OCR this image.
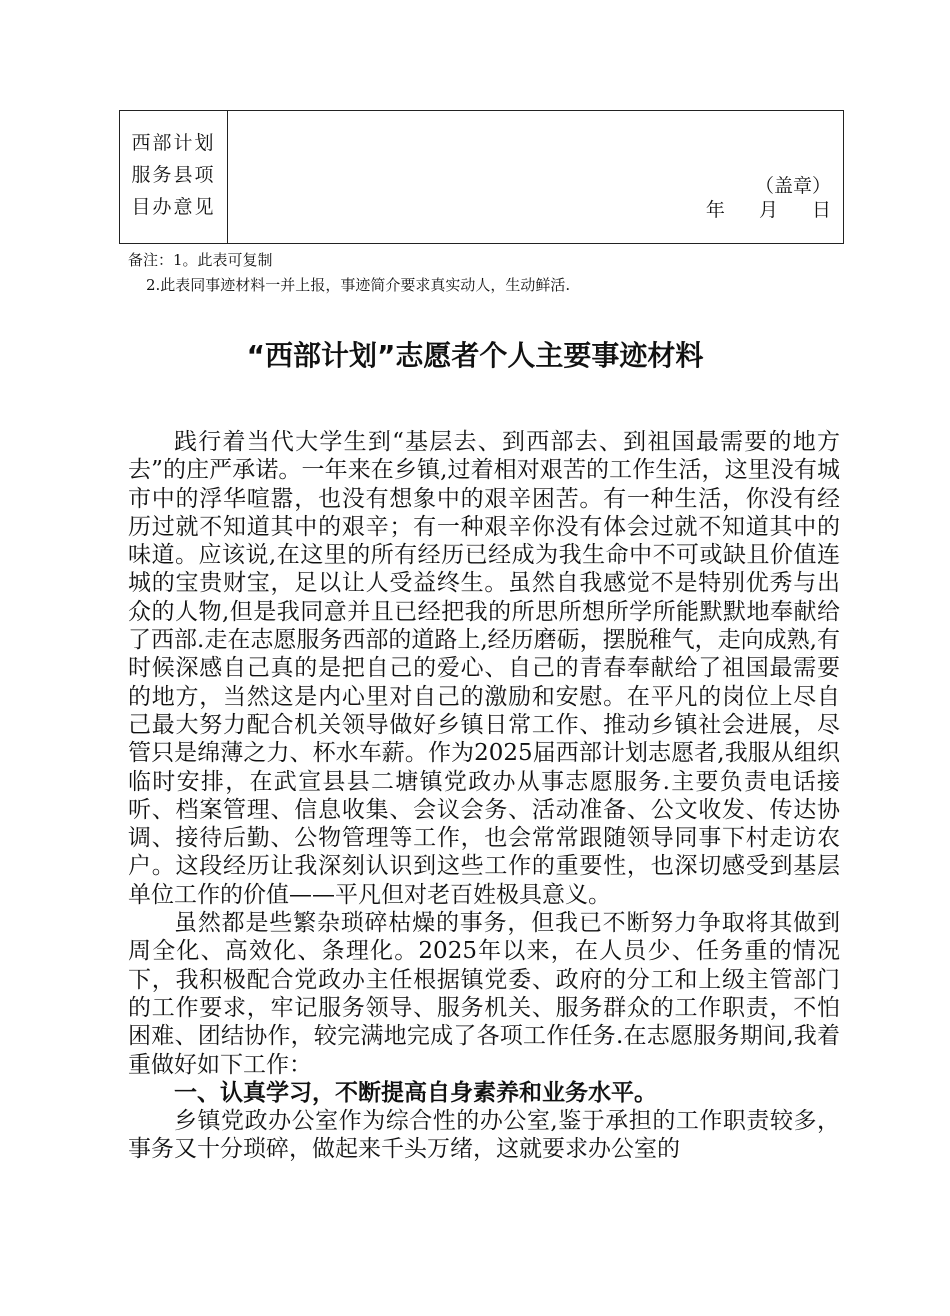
西部计划
服务县项
目办意见
（盖章）
年 月 日
备注：1。此表可复制
2.此表同事迹材料一并上报，事迹简介要求真实动人，生动鲜活.
“西部计划”志愿者个人主要事迹材料

践行着当代大学生到“基层去、到西部去、到祖国最需要的地方去”的庄严承诺。一年来在乡镇,过着相对艰苦的工作生活，这里没有城市中的浮华喧嚣，也没有想象中的艰辛困苦。有一种生活，你没有经历过就不知道其中的艰辛；有一种艰辛你没有体会过就不知道其中的味道。应该说,在这里的所有经历已经成为我生命中不可或缺且价值连城的宝贵财宝，足以让人受益终生。虽然自我感觉不是特别优秀与出众的人物,但是我同意并且已经把我的所思所想所学所能默默地奉献给了西部.走在志愿服务西部的道路上,经历磨砺，摆脱稚气，走向成熟,有时候深感自己真的是把自己的爱心、自己的青春奉献给了祖国最需要的地方，当然这是内心里对自己的激励和安慰。在平凡的岗位上尽自己最大努力配合机关领导做好乡镇日常工作、推动乡镇社会进展，尽管只是绵薄之力、杯水车薪。作为2025届西部计划志愿者,我服从组织临时安排，在武宣县县二塘镇党政办从事志愿服务.主要负责电话接听、档案管理、信息收集、会议会务、活动准备、公文收发、传达协调、接待后勤、公物管理等工作，也会常常跟随领导同事下村走访农户。这段经历让我深刻认识到这些工作的重要性，也深切感受到基层单位工作的价值——平凡但对老百姓极具意义。

虽然都是些繁杂琐碎枯燥的事务，但我已不断努力争取将其做到周全化、高效化、条理化。2025年以来，在人员少、任务重的情况下，我积极配合党政办主任根据镇党委、政府的分工和上级主管部门的工作要求，牢记服务领导、服务机关、服务群众的工作职责，不怕困难、团结协作，较完满地完成了各项工作任务.在志愿服务期间,我着重做好如下工作：

一、认真学习，不断提高自身素养和业务水平。

乡镇党政办公室作为综合性的办公室,鉴于承担的工作职责较多，事务又十分琐碎，做起来千头万绪，这就要求办公室的
